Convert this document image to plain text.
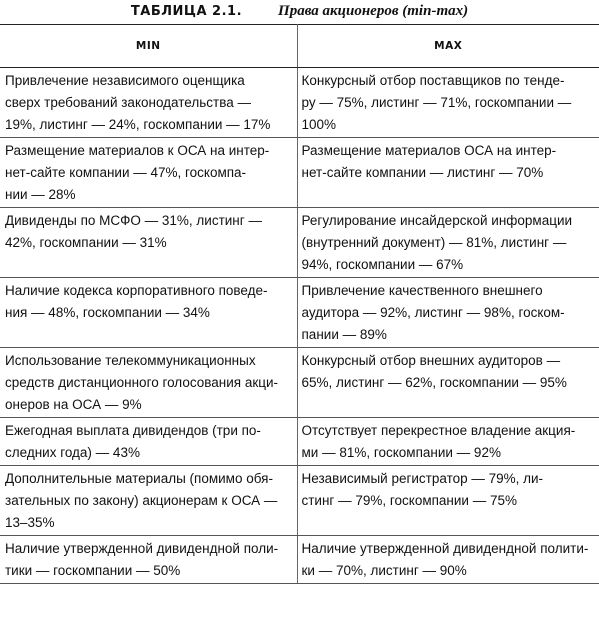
ТАБЛИЦА 2.1. Права акционеров (min-max)
MIN	MAX

Привлечение независимого оценщика
сверх требований законодательства —
19%, листинг — 24%, госкомпании — 17%	Конкурсный отбор поставщиков по тенде-
ру — 75%, листинг — 71%, госкомпании —
100%

Размещение материалов к ОСА на интер-
нет-сайте компании — 47%, госкомпа-
нии — 28%	Размещение материалов ОСА на интер-
нет-сайте компании — листинг — 70%

Дивиденды по МСФО — 31%, листинг —
42%, госкомпании — 31%	Регулирование инсайдерской информации
(внутренний документ) — 81%, листинг —
94%, госкомпании — 67%

Наличие кодекса корпоративного поведе-
ния — 48%, госкомпании — 34%	Привлечение качественного внешнего
аудитора — 92%, листинг — 98%, госком-
пании — 89%

Использование телекоммуникационных
средств дистанционного голосования акци-
онеров на ОСА — 9%	Конкурсный отбор внешних аудиторов —
65%, листинг — 62%, госкомпании — 95%

Ежегодная выплата дивидендов (три по-
следних года) — 43%	Отсутствует перекрестное владение акция-
ми — 81%, госкомпании — 92%

Дополнительные материалы (помимо обя-
зательных по закону) акционерам к ОСА —
13–35%	Независимый регистратор — 79%, ли-
стинг — 79%, госкомпании — 75%

Наличие утвержденной дивидендной поли-
тики — госкомпании — 50%	Наличие утвержденной дивидендной полити-
ки — 70%, листинг — 90%
